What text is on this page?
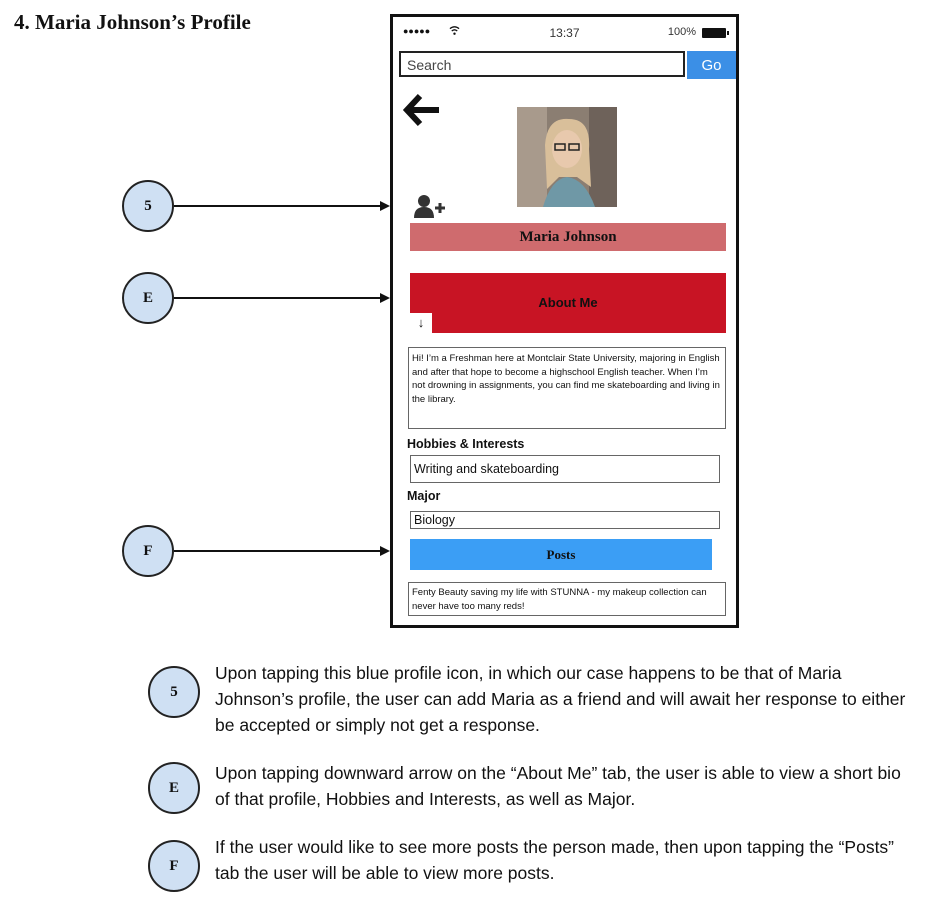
4. Maria Johnson’s Profile	●●●●●	13:37	100%
Search	Go
Maria Johnson
About Me
↓
Hi! I’m a Freshman here at Montclair State University, majoring in English and after that hope to become a highschool English teacher. When I’m not drowning in assignments, you can find me skateboarding and living in the library.
Hobbies & Interests
Writing and skateboarding
Major
Biology
Posts
Fenty Beauty saving my life with STUNNA - my makeup collection can never have too many reds!
5
E
F
5
Upon tapping this blue profile icon, in which our case happens to be that of Maria Johnson’s profile, the user can add Maria as a friend and will await her response to either be accepted or simply not get a response.
E
Upon tapping downward arrow on the “About Me” tab, the user is able to view a short bio of that profile, Hobbies and Interests, as well as Major.
F
If the user would like to see more posts the person made, then upon tapping the “Posts” tab the user will be able to view more posts.
